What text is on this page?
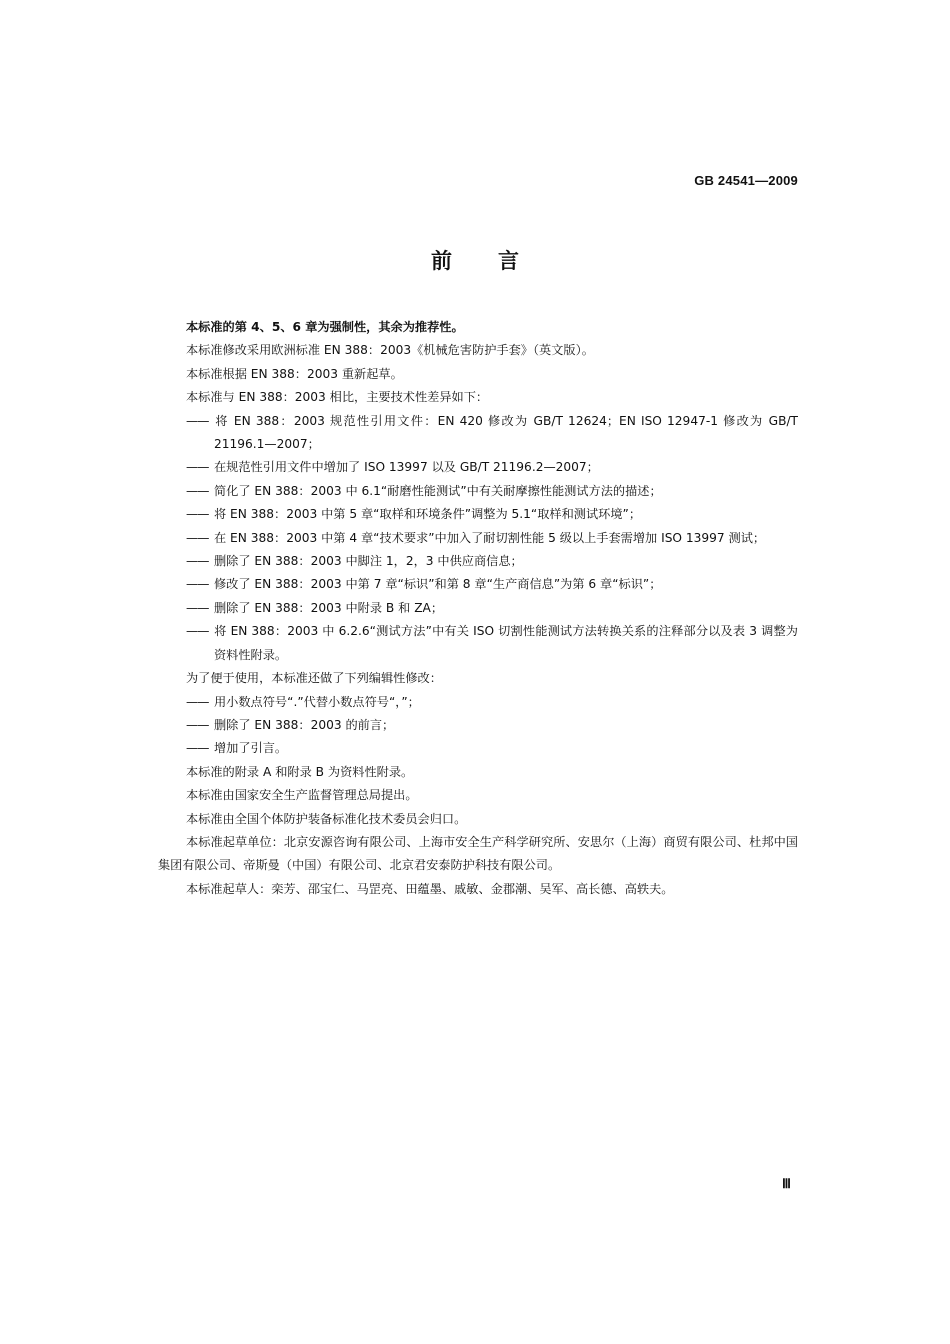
GB 24541—2009
前言
本标准的第 4、5、6 章为强制性，其余为推荐性。
本标准修改采用欧洲标准 EN 388：2003《机械危害防护手套》（英文版）。
本标准根据 EN 388：2003 重新起草。
本标准与 EN 388：2003 相比，主要技术性差异如下：
—— 将 EN 388：2003 规范性引用文件：EN 420 修改为 GB/T 12624；EN ISO 12947-1 修改为 GB/T 21196.1—2007；
—— 在规范性引用文件中增加了 ISO 13997 以及 GB/T 21196.2—2007；
—— 简化了 EN 388：2003 中 6.1“耐磨性能测试”中有关耐摩擦性能测试方法的描述；
—— 将 EN 388：2003 中第 5 章“取样和环境条件”调整为 5.1“取样和测试环境”；
—— 在 EN 388：2003 中第 4 章“技术要求”中加入了耐切割性能 5 级以上手套需增加 ISO 13997 测试；
—— 删除了 EN 388：2003 中脚注 1，2，3 中供应商信息；
—— 修改了 EN 388：2003 中第 7 章“标识”和第 8 章“生产商信息”为第 6 章“标识”；
—— 删除了 EN 388：2003 中附录 B 和 ZA；
—— 将 EN 388：2003 中 6.2.6“测试方法”中有关 ISO 切割性能测试方法转换关系的注释部分以及表 3 调整为资料性附录。
为了便于使用，本标准还做了下列编辑性修改：
—— 用小数点符号“.”代替小数点符号“，”；
—— 删除了 EN 388：2003 的前言；
—— 增加了引言。
本标准的附录 A 和附录 B 为资料性附录。
本标准由国家安全生产监督管理总局提出。
本标准由全国个体防护装备标准化技术委员会归口。
本标准起草单位：北京安源咨询有限公司、上海市安全生产科学研究所、安思尔（上海）商贸有限公司、杜邦中国集团有限公司、帝斯曼（中国）有限公司、北京君安泰防护科技有限公司。
本标准起草人：栾芳、邵宝仁、马罡亮、田蕴墨、戚敏、金郡潮、吴军、高长德、高轶夫。
Ⅲ
